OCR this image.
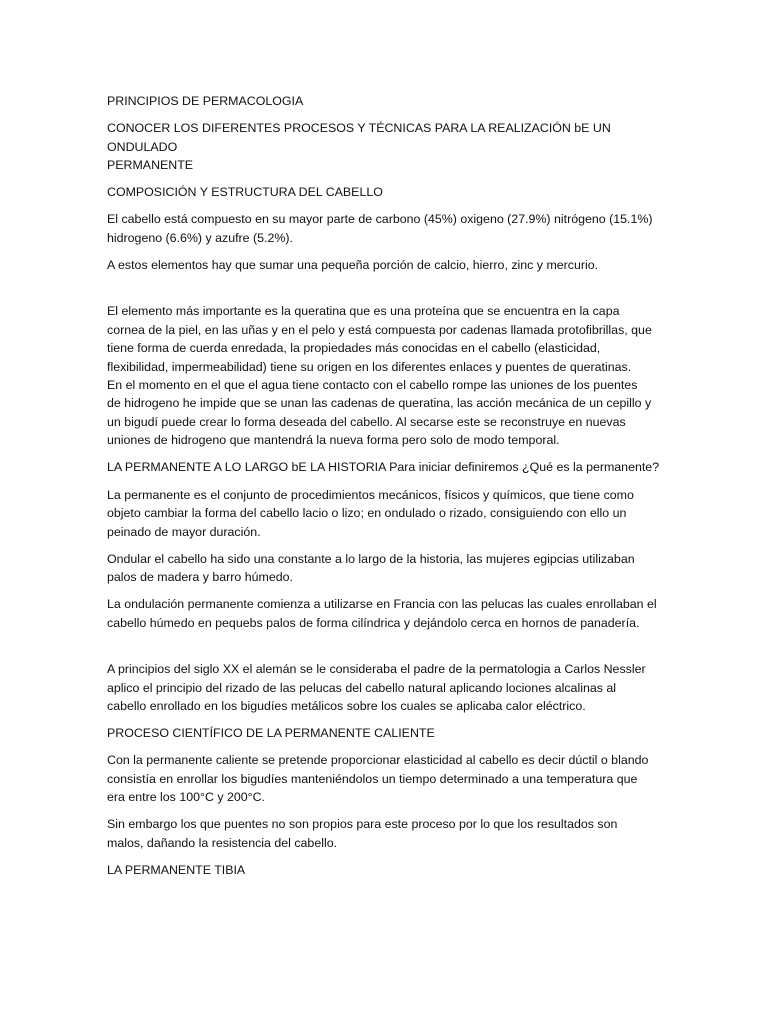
PRINCIPIOS DE PERMACOLOGIA

CONOCER LOS DIFERENTES PROCESOS Y TÉCNICAS PARA LA REALIZACIÓN bE UN ONDULADO
PERMANENTE

COMPOSICIÓN Y ESTRUCTURA DEL CABELLO

El cabello está compuesto en su mayor parte de carbono (45%) oxigeno (27.9%) nitrógeno (15.1%)
hidrogeno (6.6%) y azufre (5.2%).

A estos elementos hay que sumar una pequeña porción de calcio, hierro, zinc y mercurio.

El elemento más importante es la queratina que es una proteína que se encuentra en la capa
cornea de la piel, en las uñas y en el pelo y está compuesta por cadenas llamada protofibrillas, que
tiene forma de cuerda enredada, la propiedades más conocidas en el cabello (elasticidad,
flexibilidad, impermeabilidad) tiene su origen en los diferentes enlaces y puentes de queratinas.
En el momento en el que el agua tiene contacto con el cabello rompe las uniones de los puentes
de hidrogeno he impide que se unan las cadenas de queratina, las acción mecánica de un cepillo y
un bigudí puede crear lo forma deseada del cabello. Al secarse este se reconstruye en nuevas
uniones de hidrogeno que mantendrá la nueva forma pero solo de modo temporal.

LA PERMANENTE A LO LARGO bE LA HISTORIA Para iniciar definiremos ¿Qué es la permanente?

La permanente es el conjunto de procedimientos mecánicos, físicos y químicos, que tiene como
objeto cambiar la forma del cabello lacio o lizo; en ondulado o rizado, consiguiendo con ello un
peinado de mayor duración.

Ondular el cabello ha sido una constante a lo largo de la historia, las mujeres egipcias utilizaban
palos de madera y barro húmedo.

La ondulación permanente comienza a utilizarse en Francia con las pelucas las cuales enrollaban el
cabello húmedo en pequebs palos de forma cilíndrica y dejándolo cerca en hornos de panadería.

A principios del siglo XX el alemán se le consideraba el padre de la permatologia a Carlos Nessler
aplico el principio del rizado de las pelucas del cabello natural aplicando lociones alcalinas al
cabello enrollado en los bigudíes metálicos sobre los cuales se aplicaba calor eléctrico.

PROCESO CIENTÍFICO DE LA PERMANENTE CALIENTE

Con la permanente caliente se pretende proporcionar elasticidad al cabello es decir dúctil o blando
consistía en enrollar los bigudíes manteniéndolos un tiempo determinado a una temperatura que
era entre los 100°C y 200°C.

Sin embargo los que puentes no son propios para este proceso por lo que los resultados son
malos, dañando la resistencia del cabello.

LA PERMANENTE TIBIA
